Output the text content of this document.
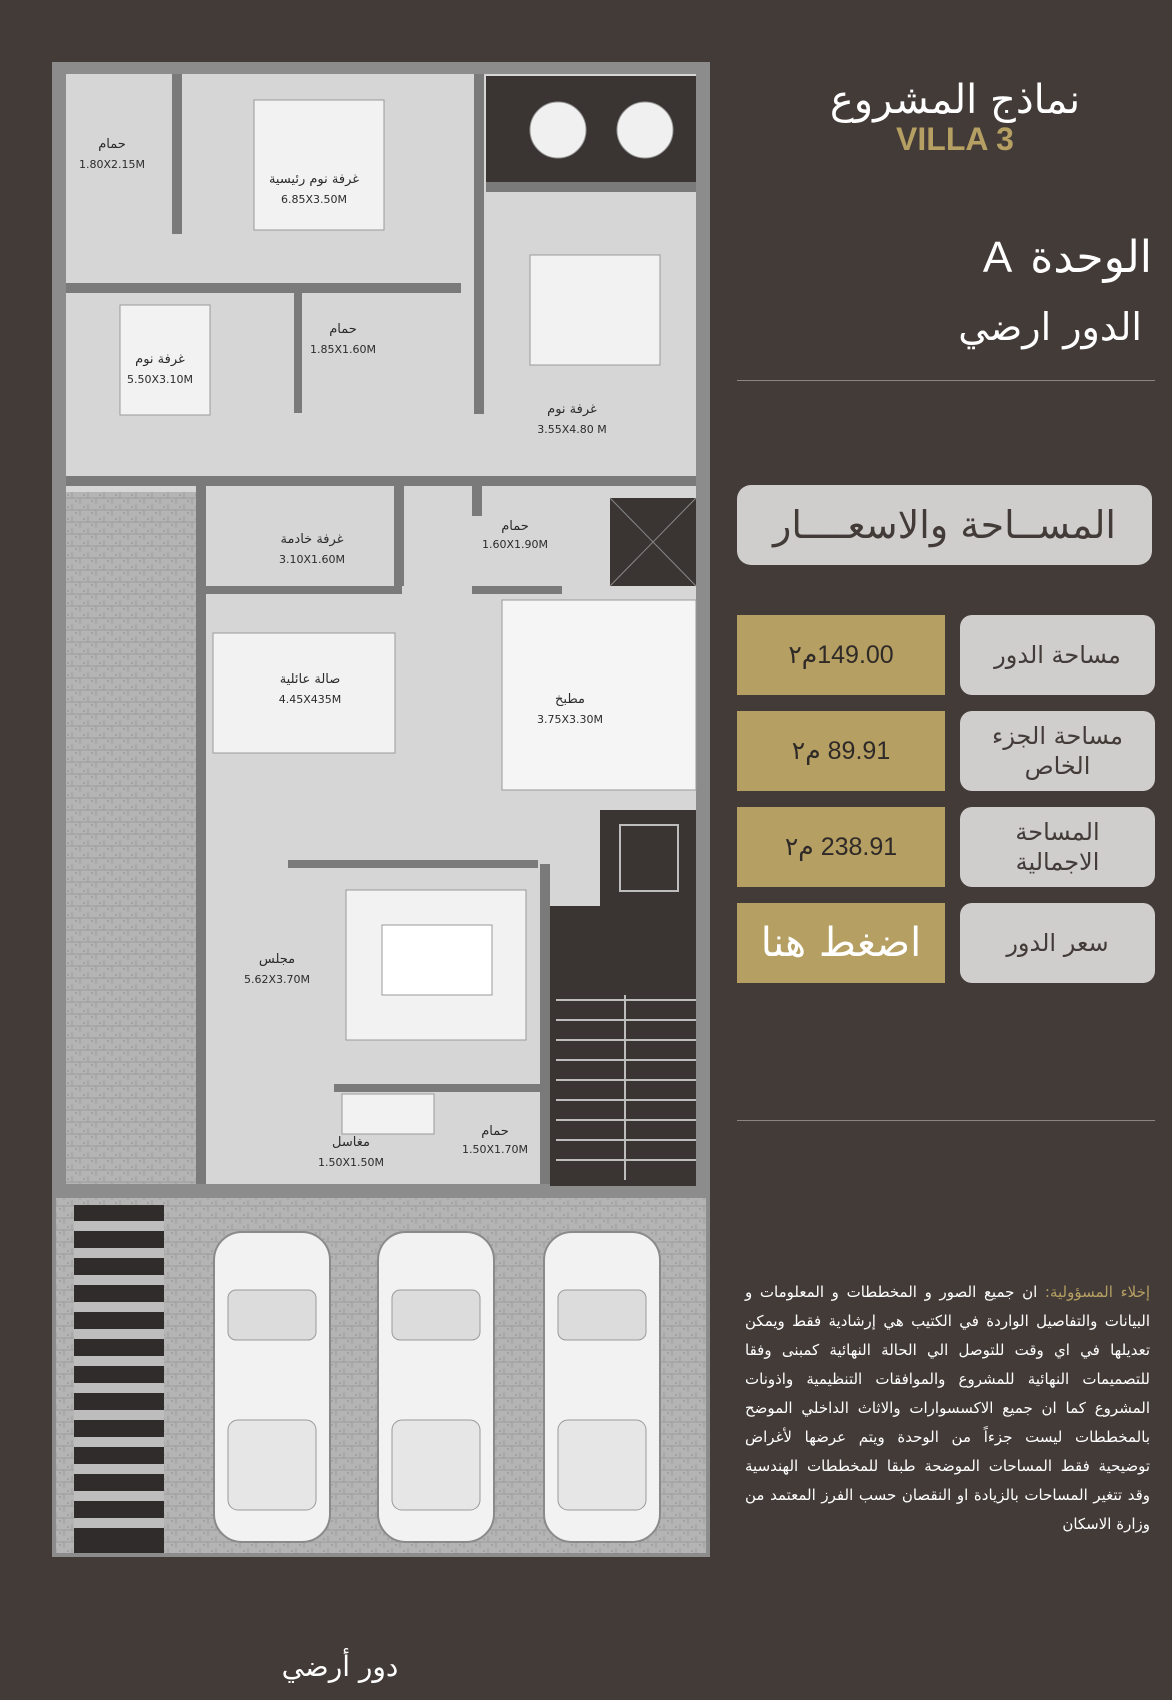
حمام
1.80X2.15M
غرفة نوم رئيسية
6.85X3.50M
غرفة نوم
5.50X3.10M
حمام
1.85X1.60M
غرفة نوم
3.55X4.80 M
غرفة خادمة
3.10X1.60M
حمام
1.60X1.90M
صالة عائلية
4.45X435M	مطبخ
3.75X3.30M
مجلس
5.62X3.70M
مغاسل
1.50X1.50M
حمام
1.50X1.70M
دور أرضي
نماذج المشروع
VILLA 3
الوحدةA
الدور ارضي
المســاحة والاسعــــار
مساحة الدور
149.00م٢
مساحة الجزء الخاص
89.91 م٢
المساحة الاجمالية
238.91 م٢
سعر الدور
اضغط هنا
إخلاء المسؤولية: ان جميع الصور و المخططات و المعلومات و البيانات والتفاصيل الواردة في الكتيب هي إرشادية فقط ويمكن تعديلها في اي وقت للتوصل الي الحالة النهائية كمبنى وفقا للتصميمات النهائية للمشروع والموافقات التنظيمية واذونات المشروع كما ان جميع الاكسسوارات والاثاث الداخلي الموضح بالمخططات ليست جزءاً من الوحدة ويتم عرضها لأغراض توضيحية فقط المساحات الموضحة طبقا للمخططات الهندسية وقد تتغير المساحات بالزيادة او النقصان حسب الفرز المعتمد من وزارة الاسكان
